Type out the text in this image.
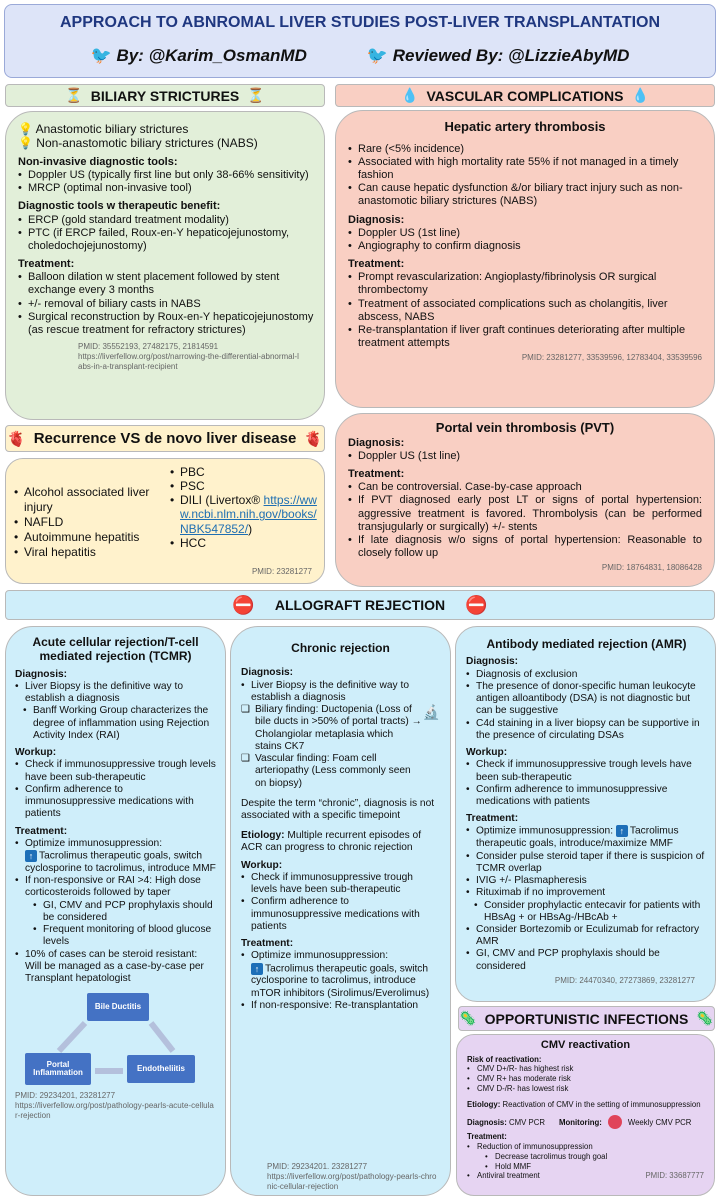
APPROACH TO ABNROMAL LIVER STUDIES POST-LIVER TRANSPLANTATION
🐦 By: @Karim_OsmanMD	🐦 Reviewed By: @LizzieAbyMD
⏳ BILIARY STRICTURES ⏳
💡 Anastomotic biliary strictures
💡 Non-anastomotic biliary strictures (NABS)
Non-invasive diagnostic tools:
• Doppler US (typically first line but only 38-66% sensitivity)
• MRCP (optimal non-invasive tool)
Diagnostic tools w therapeutic benefit:
• ERCP (gold standard treatment modality)
• PTC (if ERCP failed, Roux-en-Y hepaticojejunostomy, choledochojejunostomy)
Treatment:
• Balloon dilation w stent placement followed by stent exchange every 3 months
• +/- removal of biliary casts in NABS
• Surgical reconstruction by Roux-en-Y hepaticojejunostomy (as rescue treatment for refractory strictures)
PMID: 35552193, 27482175, 21814591
https://liverfellow.org/post/narrowing-the-differential-abnormal-labs-in-a-transplant-recipient
💧 VASCULAR COMPLICATIONS 💧
Hepatic artery thrombosis
• Rare (<5% incidence)
• Associated with high mortality rate 55% if not managed in a timely fashion
• Can cause hepatic dysfunction &/or biliary tract injury such as non-anastomotic biliary strictures (NABS)
Diagnosis:
• Doppler US (1st line)
• Angiography to confirm diagnosis
Treatment:
• Prompt revascularization: Angioplasty/fibrinolysis OR surgical thrombectomy
• Treatment of associated complications such as cholangitis, liver abscess, NABS
• Re-transplantation if liver graft continues deteriorating after multiple treatment attempts
PMID: 23281277, 33539596, 12783404, 33539596
Portal vein thrombosis (PVT)
Diagnosis:
• Doppler US (1st line)
Treatment:
• Can be controversial. Case-by-case approach
• If PVT diagnosed early post LT or signs of portal hypertension: aggressive treatment is favored. Thrombolysis (can be performed transjugularly or surgically) +/- stents
• If late diagnosis w/o signs of portal hypertension: Reasonable to closely follow up
PMID: 18764831, 18086428
🫀 Recurrence VS de novo liver disease 🫀
• Alcohol associated liver injury
• NAFLD
• Autoimmune hepatitis
• Viral hepatitis
• PBC
• PSC
• DILI (Livertox® https://www.ncbi.nlm.nih.gov/books/NBK547852/)
• HCC
PMID: 23281277
⛔ ALLOGRAFT REJECTION ⛔
Acute cellular rejection/T-cell mediated rejection (TCMR)
Diagnosis:
• Liver Biopsy is the definitive way to establish a diagnosis
• Banff Working Group characterizes the degree of inflammation using Rejection Activity Index (RAI)
Workup:
• Check if immunosuppressive trough levels have been sub-therapeutic
• Confirm adherence to immunosuppressive medications with patients
Treatment:
• Optimize immunosuppression:
↑ Tacrolimus therapeutic goals, switch cyclosporine to tacrolimus, introduce MMF
• If non-responsive or RAI >4: High dose corticosteroids followed by taper
• GI, CMV and PCP prophylaxis should be considered
• Frequent monitoring of blood glucose levels
• 10% of cases can be steroid resistant: Will be managed as a case-by-case per Transplant hepatologist
Bile Ductitis
Portal Inflammation	Endotheliitis
PMID: 29234201, 23281277
https://liverfellow.org/post/pathology-pearls-acute-cellular-rejection
Chronic rejection
Diagnosis:
• Liver Biopsy is the definitive way to establish a diagnosis
❑ Biliary finding: Ductopenia (Loss of bile ducts in >50% of portal tracts) → Cholangiolar metaplasia which stains CK7
❑ Vascular finding: Foam cell arteriopathy (Less commonly seen on biopsy)
🔬

Despite the term “chronic”, diagnosis is not associated with a specific timepoint

Etiology: Multiple recurrent episodes of ACR can progress to chronic rejection

Workup:
• Check if immunosuppressive trough levels have been sub-therapeutic
• Confirm adherence to immunosuppressive medications with patients
Treatment:
• Optimize immunosuppression:
↑ Tacrolimus therapeutic goals, switch cyclosporine to tacrolimus, introduce mTOR inhibitors (Sirolimus/Everolimus)
• If non-responsive: Re-transplantation
PMID: 29234201. 23281277
https://liverfellow.org/post/pathology-pearls-chronic-cellular-rejection
Antibody mediated rejection (AMR)
Diagnosis:
• Diagnosis of exclusion
• The presence of donor-specific human leukocyte antigen alloantibody (DSA) is not diagnostic but can be suggestive
• C4d staining in a liver biopsy can be supportive in the presence of circulating DSAs
Workup:
• Check if immunosuppressive trough levels have been sub-therapeutic
• Confirm adherence to immunosuppressive medications with patients
Treatment:
• Optimize immunosuppression: ↑ Tacrolimus therapeutic goals, introduce/maximize MMF
• Consider pulse steroid taper if there is suspicion of TCMR overlap
• IVIG +/- Plasmapheresis
• Rituximab if no improvement
• Consider prophylactic entecavir for patients with HBsAg + or HBsAg-/HBcAb +
• Consider Bortezomib or Eculizumab for refractory AMR
• GI, CMV and PCP prophylaxis should be considered
PMID: 24470340, 27273869, 23281277
🦠 OPPORTUNISTIC INFECTIONS 🦠
CMV reactivation
Risk of reactivation:
• CMV D+/R- has highest risk
• CMV R+ has moderate risk
• CMV D-/R- has lowest risk

Etiology: Reactivation of CMV in the setting of immunosuppression

Diagnosis: CMV PCR	Monitoring:	Weekly CMV PCR

Treatment:
• Reduction of immunosuppression
• Decrease tacrolimus trough goal
• Hold MMF
• Antiviral treatment	PMID: 33687777
